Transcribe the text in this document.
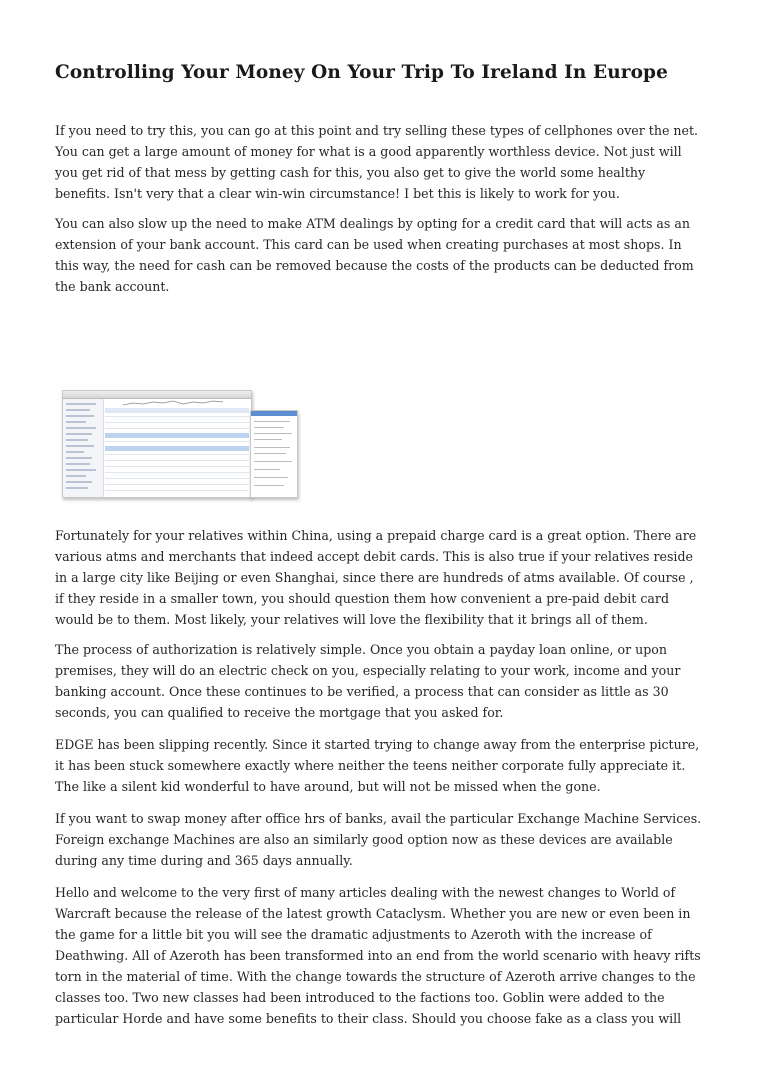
Controlling Your Money On Your Trip To Ireland In Europe
If you need to try this, you can go at this point and try selling these types of cellphones over the net.
You can get a large amount of money for what is a good apparently worthless device. Not just will
you get rid of that mess by getting cash for this, you also get to give the world some healthy
benefits. Isn't very that a clear win-win circumstance! I bet this is likely to work for you.
You can also slow up the need to make ATM dealings by opting for a credit card that will acts as an
extension of your bank account. This card can be used when creating purchases at most shops. In
this way, the need for cash can be removed because the costs of the products can be deducted from
the bank account.
Fortunately for your relatives within China, using a prepaid charge card is a great option. There are
various atms and merchants that indeed accept debit cards. This is also true if your relatives reside
in a large city like Beijing or even Shanghai, since there are hundreds of atms available. Of course ,
if they reside in a smaller town, you should question them how convenient a pre-paid debit card
would be to them. Most likely, your relatives will love the flexibility that it brings all of them.
The process of authorization is relatively simple. Once you obtain a payday loan online, or upon
premises, they will do an electric check on you, especially relating to your work, income and your
banking account. Once these continues to be verified, a process that can consider as little as 30
seconds, you can qualified to receive the mortgage that you asked for.
EDGE has been slipping recently. Since it started trying to change away from the enterprise picture,
it has been stuck somewhere exactly where neither the teens neither corporate fully appreciate it.
The like a silent kid wonderful to have around, but will not be missed when the gone.
If you want to swap money after office hrs of banks, avail the particular Exchange Machine Services.
Foreign exchange Machines are also an similarly good option now as these devices are available
during any time during and 365 days annually.
Hello and welcome to the very first of many articles dealing with the newest changes to World of
Warcraft because the release of the latest growth Cataclysm. Whether you are new or even been in
the game for a little bit you will see the dramatic adjustments to Azeroth with the increase of
Deathwing. All of Azeroth has been transformed into an end from the world scenario with heavy rifts
torn in the material of time. With the change towards the structure of Azeroth arrive changes to the
classes too. Two new classes had been introduced to the factions too. Goblin were added to the
particular Horde and have some benefits to their class. Should you choose fake as a class you will
